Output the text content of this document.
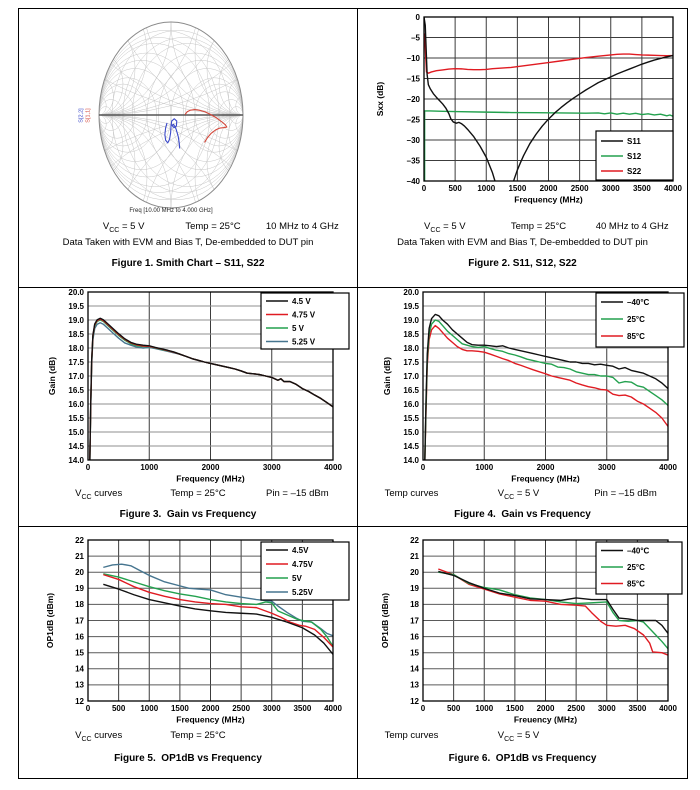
S[2,2] S[1,1]
Freq [10.00 MHz to 4.000 GHz]
$V_{CC} = 5$ V	Temp = 25°C	10 MHz to 4 GHz
Data Taken with EVM and Bias T, De-embedded to DUT pin
Figure 1. Smith Chart – S11, S22
0	500 1000 1500 2000 2500 3000 3500 4000
0
–5
–10
–15
–20
–25
–30
–35
–40
Frequency (MHz)
Sxx (dB)
S11
S12
S22
$V_{CC} = 5$ V	Temp = 25°C	40 MHz to 4 GHz
Data Taken with EVM and Bias T, De-embedded to DUT pin
Figure 2. S11, S12, S22
0	1000	2000	3000	4000
20.0
19.5
19.0
18.5
18.0
17.5
17.0
16.5
16.0
15.5
15.0
14.5
14.0
Frequency (MHz)
Gain (dB)
4.5 V
4.75 V
5 V
5.25 V
$V_{CC}$ curves	Temp = 25°C	Pin = –15 dBm
Figure 3.  Gain vs Frequency
0	1000	2000	3000	4000
20.0
19.5
19.0
18.5
18.0
17.5
17.0
16.5
16.0
15.5
15.0
14.5
14.0
Frequency (MHz)
Gain (dB)
–40°C
25°C
85°C
Temp curves	$V_{CC} = 5$ V	Pin = –15 dBm
Figure 4.  Gain vs Frequency
0	500 1000 1500 2000 2500 3000 3500 4000
22
21
20
19
18
17
16
15
14
13
12
Frequency (MHz)
OP1dB (dBm)
4.5V
4.75V
5V
5.25V
$V_{CC}$ curves	Temp = 25°C
Figure 5.  OP1dB vs Frequency
0	500 1000 1500 2000 2500 3000 3500 4000
22
21
20
19
18
17
16
15
14
13
12
Freuency (MHz)
OP1dB (dBm)
–40°C
25°C
85°C
Temp curves	$V_{CC} = 5$ V
Figure 6.  OP1dB vs Frequency
